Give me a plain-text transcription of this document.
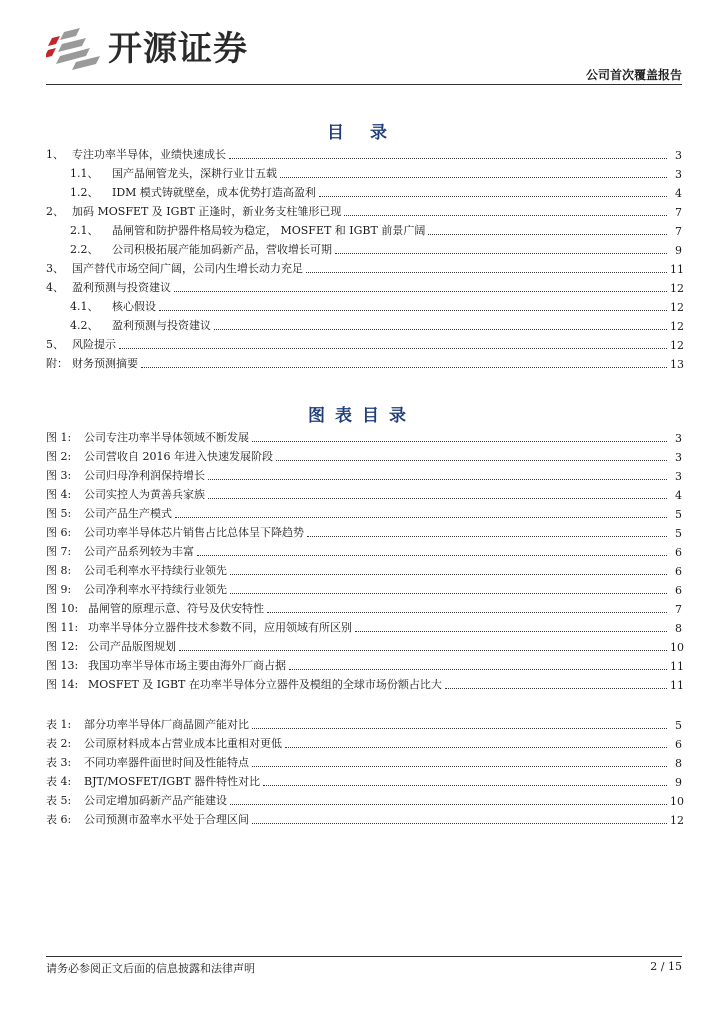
开源证券
公司首次覆盖报告
目 录
1、 专注功率半导体，业绩快速成长	3
1.1、	国产晶闸管龙头，深耕行业廿五载	3
1.2、	IDM 模式铸就壁垒，成本优势打造高盈利	4
2、 加码 MOSFET 及 IGBT 正逢时，新业务支柱雏形已现	7
2.1、	晶闸管和防护器件格局较为稳定， MOSFET 和 IGBT 前景广阔	7
2.2、	公司积极拓展产能加码新产品，营收增长可期	9
3、 国产替代市场空间广阔，公司内生增长动力充足	11
4、 盈利预测与投资建议	12
4.1、	核心假设	12
4.2、	盈利预测与投资建议	12
5、 风险提示	12
附： 财务预测摘要	13
图表目录
图 1:	公司专注功率半导体领域不断发展	3
图 2:	公司营收自 2016 年进入快速发展阶段	3
图 3:	公司归母净利润保持增长	3
图 4:	公司实控人为黄善兵家族	4
图 5:	公司产品生产模式	5
图 6:	公司功率半导体芯片销售占比总体呈下降趋势	5
图 7:	公司产品系列较为丰富	6
图 8:	公司毛利率水平持续行业领先	6
图 9:	公司净利率水平持续行业领先	6
图 10: 晶闸管的原理示意、符号及伏安特性	7
图 11: 功率半导体分立器件技术参数不同，应用领域有所区别	8
图 12: 公司产品版图规划	10
图 13: 我国功率半导体市场主要由海外厂商占据	11
图 14: MOSFET 及 IGBT 在功率半导体分立器件及模组的全球市场份额占比大	11
表 1:	部分功率半导体厂商晶圆产能对比	5
表 2:	公司原材料成本占营业成本比重相对更低	6
表 3:	不同功率器件面世时间及性能特点	8
表 4:	BJT/MOSFET/IGBT 器件特性对比	9
表 5:	公司定增加码新产品产能建设	10
表 6:	公司预测市盈率水平处于合理区间	12
请务必参阅正文后面的信息披露和法律声明	2 / 15
